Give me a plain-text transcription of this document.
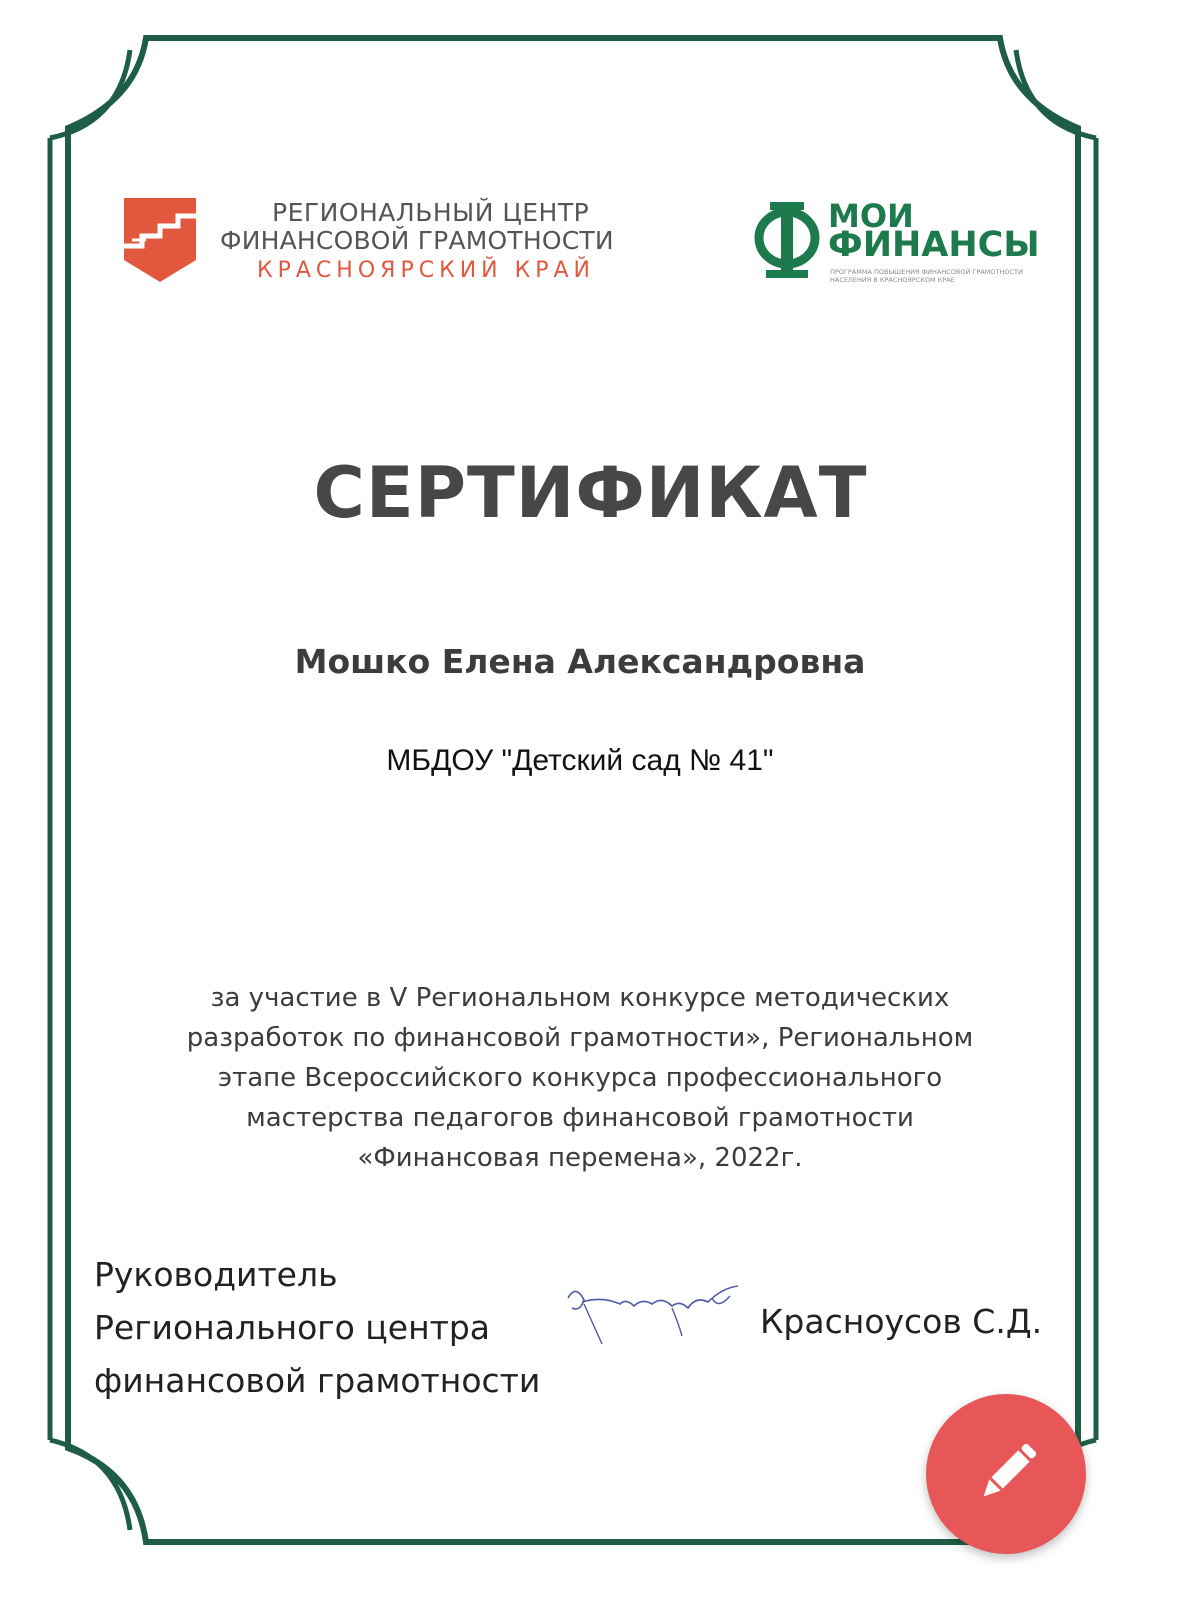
РЕГИОНАЛЬНЫЙ ЦЕНТР
ФИНАНСОВОЙ ГРАМОТНОСТИ
КРАСНОЯРСКИЙ КРАЙ
МОИ
ФИНАНСЫ
ПРОГРАММА ПОВЫШЕНИЯ ФИНАНСОВОЙ ГРАМОТНОСТИ
НАСЕЛЕНИЯ В КРАСНОЯРСКОМ КРАЕ
СЕРТИФИКАТ
Мошко Елена Александровна
МБДОУ "Детский сад № 41"
за участие в V Региональном конкурсе методических
разработок по финансовой грамотности», Региональном
этапе Всероссийского конкурса профессионального
мастерства педагогов финансовой грамотности
«Финансовая перемена», 2022г.
Руководитель
Регионального центра
финансовой грамотности
Красноусов С.Д.
